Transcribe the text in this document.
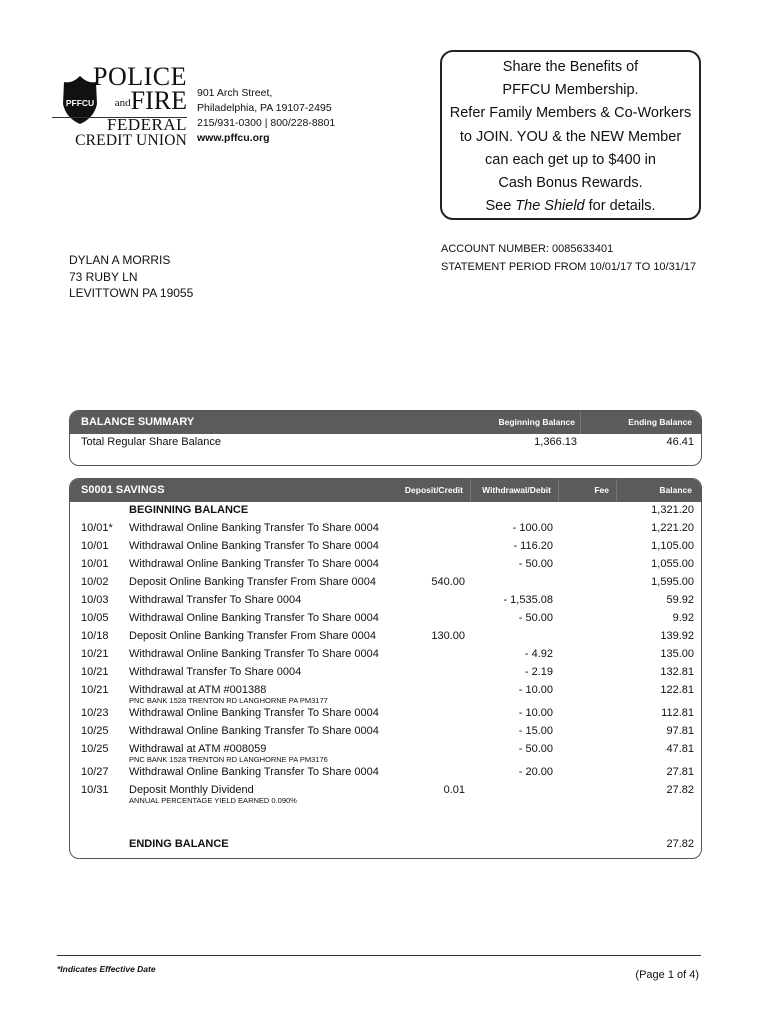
PFFCU
POLICE
andFIRE
FEDERAL
CREDIT UNION
901 Arch Street,
Philadelphia, PA 19107-2495
215/931-0300 | 800/228-8801
www.pffcu.org
Share the Benefits of
PFFCU Membership.
Refer Family Members & Co-Workers
to JOIN. YOU & the NEW Member
can each get up to $400 in
Cash Bonus Rewards.
See The Shield for details.
ACCOUNT NUMBER: 0085633401
STATEMENT PERIOD FROM 10/01/17 TO 10/31/17
DYLAN A MORRIS
73 RUBY LN
LEVITTOWN PA 19055
BALANCE SUMMARY	Beginning Balance	Ending Balance
Total Regular Share Balance	1,366.13	46.41
S0001 SAVINGS	Deposit/Credit Withdrawal/Debit	Fee	Balance
BEGINNING BALANCE	1,321.20
10/01* Withdrawal Online Banking Transfer To Share 0004	- 100.00	1,221.20
10/01 Withdrawal Online Banking Transfer To Share 0004	- 116.20	1,105.00
10/01 Withdrawal Online Banking Transfer To Share 0004	- 50.00	1,055.00
10/02 Deposit Online Banking Transfer From Share 0004	540.00	1,595.00
10/03 Withdrawal Transfer To Share 0004	- 1,535.08	59.92
10/05 Withdrawal Online Banking Transfer To Share 0004	- 50.00	9.92
10/18 Deposit Online Banking Transfer From Share 0004	130.00	139.92
10/21 Withdrawal Online Banking Transfer To Share 0004	- 4.92	135.00
10/21 Withdrawal Transfer To Share 0004	- 2.19	132.81
10/21 Withdrawal at ATM #001388	- 10.00	122.81
PNC BANK 1528 TRENTON RD LANGHORNE PA PM3177
10/23 Withdrawal Online Banking Transfer To Share 0004	- 10.00	112.81
10/25 Withdrawal Online Banking Transfer To Share 0004	- 15.00	97.81
10/25 Withdrawal at ATM #008059	- 50.00	47.81
PNC BANK 1528 TRENTON RD LANGHORNE PA PM3176
10/27 Withdrawal Online Banking Transfer To Share 0004	- 20.00	27.81
10/31 Deposit Monthly Dividend	0.01	27.82
ANNUAL PERCENTAGE YIELD EARNED 0.090%
ENDING BALANCE	27.82
*Indicates Effective Date	(Page 1 of 4)
